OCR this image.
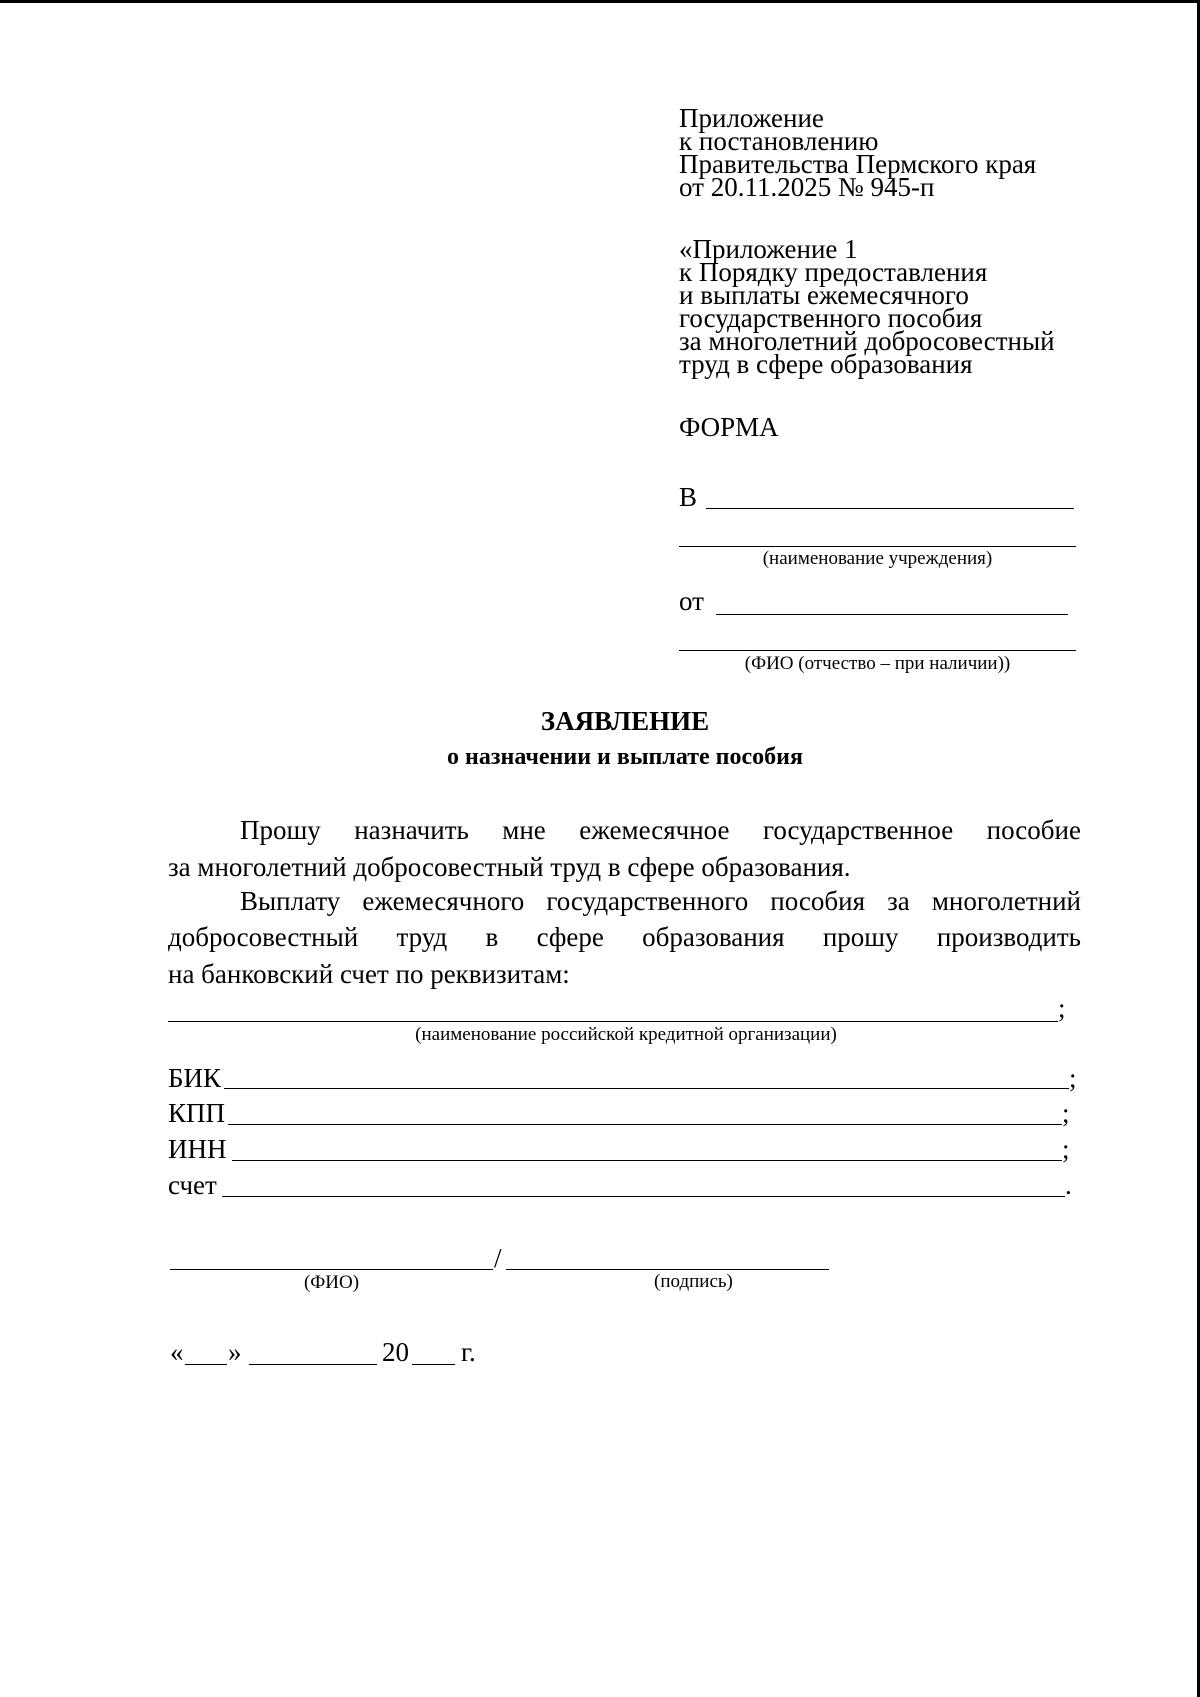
Приложение
к постановлению
Правительства Пермского края
от 20.11.2025 № 945-п
«Приложение 1
к Порядку предоставления
и выплаты ежемесячного
государственного пособия
за многолетний добросовестный
труд в сфере образования
ФОРМА
В
(наименование учреждения)
от
(ФИО (отчество – при наличии))
ЗАЯВЛЕНИЕ
о назначении и выплате пособия
Прошу назначить мне ежемесячное государственное пособие
за многолетний добросовестный труд в сфере образования.
Выплату ежемесячного государственного пособия за многолетний
добросовестный труд в сфере образования прошу производить
на банковский счет по реквизитам:
;
(наименование российской кредитной организации)
БИК	;
КПП	;
ИНН	;
счет	.
/
(ФИО)	(подпись)
« »	20 г.
